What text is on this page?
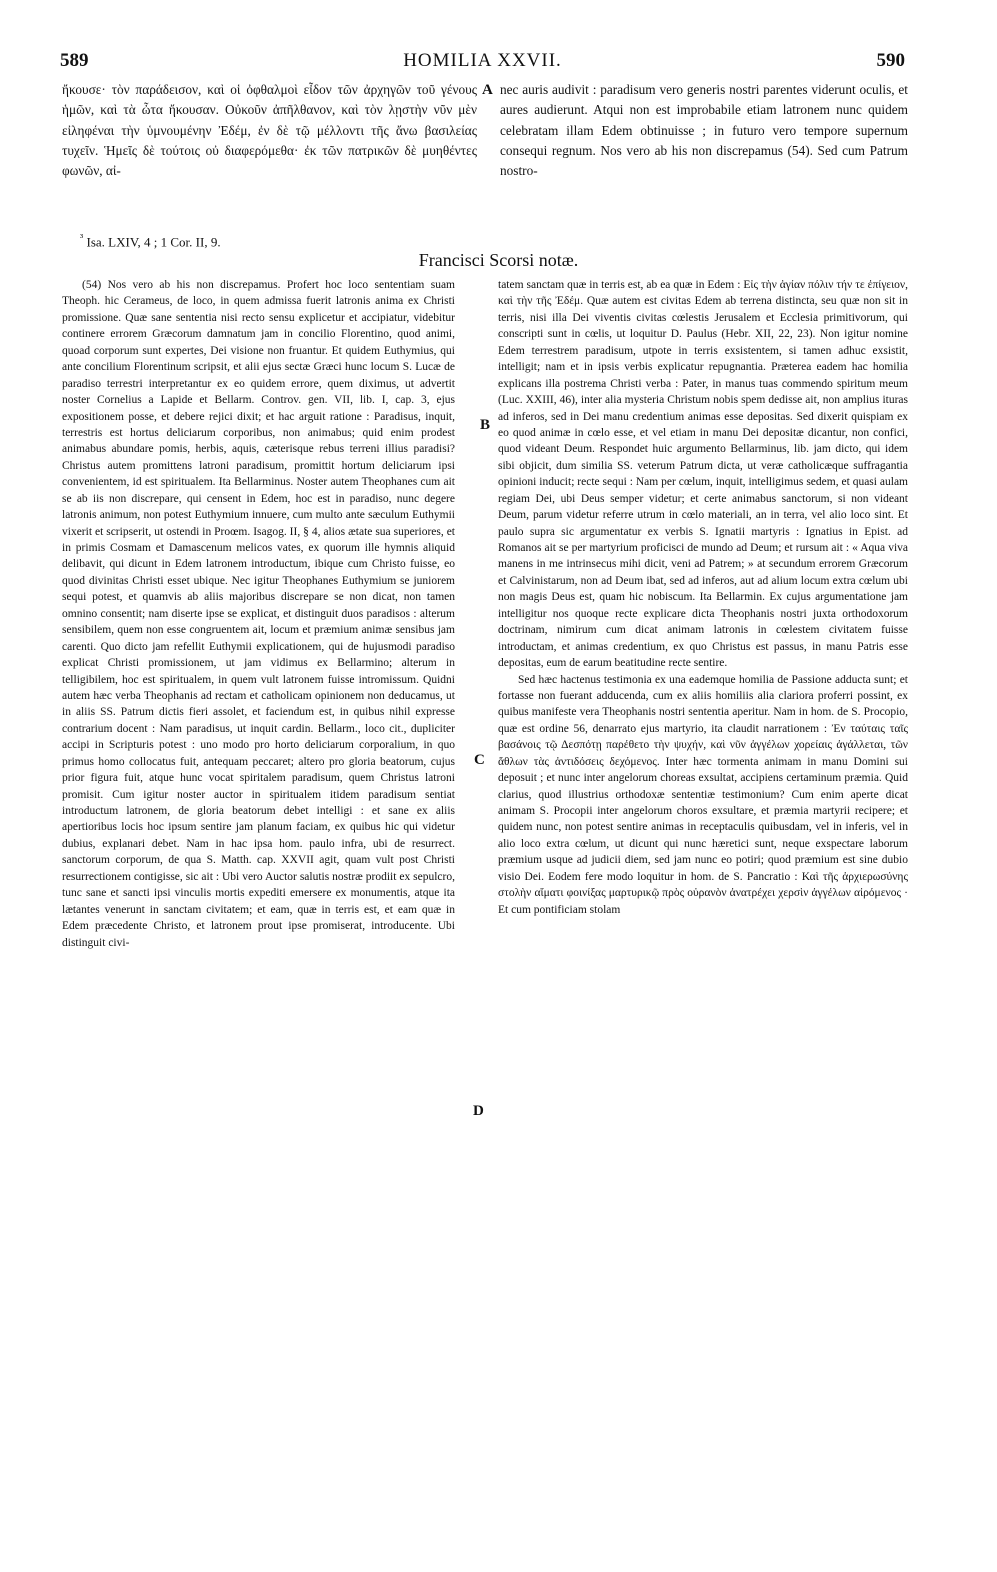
589	HOMILIA XXVII.	590
ἤκουσε· τὸν παράδεισον, καὶ οἱ ὀφθαλμοὶ εἶδον τῶν ἀρχηγῶν τοῦ γένους ἡμῶν, καὶ τὰ ὦτα ἤκουσαν. Οὐκοῦν ἀπῆλθανον, καὶ τὸν λῃστὴν νῦν μὲν εἰληφέναι τὴν ὑμνουμένην Ἐδέμ, ἐν δὲ τῷ μέλλοντι τῆς ἄνω βασιλείας τυχεῖν. Ἡμεῖς δὲ τούτοις οὐ διαφερόμεθα· ἐκ τῶν πατρικῶν δὲ μυηθέντες φωνῶν, αἰ-
A nec auris audivit : paradisum vero generis nostri parentes viderunt oculis, et aures audierunt. Atqui non est improbabile etiam latronem nunc quidem celebratam illam Edem obtinuisse ; in futuro vero tempore supernum consequi regnum. Nos vero ab his non discrepamus (54). Sed cum Patrum nostro-
$^{^3}$ Isa. LXIV, 4 ; 1 Cor. II, 9.
Francisci Scorsi notæ.

(54) Nos vero ab his non discrepamus. Profert hoc loco sententiam suam Theoph. hic Cerameus, de loco, in quem admissa fuerit latronis anima ex Christi promissione. Quæ sane sententia nisi recto sensu explicetur et accipiatur, videbitur continere errorem Græcorum damnatum jam in concilio Florentino, quod animi, quoad corporum sunt expertes, Dei visione non fruantur. Et quidem Euthymius, qui ante concilium Florentinum scripsit, et alii ejus sectæ Græci hunc locum S. Lucæ de paradiso terrestri interpretantur ex eo quidem errore, quem diximus, ut advertit noster Cornelius a Lapide et Bellarm. Controv. gen. VII, lib. I, cap. 3, ejus expositionem posse, et debere rejici dixit; et hac arguit ratione : Paradisus, inquit, terrestris est hortus deliciarum corporibus, non animabus; quid enim prodest animabus abundare pomis, herbis, aquis, cæterisque rebus terreni illius paradisi? Christus autem promittens latroni paradisum, promittit hortum deliciarum ipsi convenientem, id est spiritualem. Ita Bellarminus. Noster autem Theophanes cum ait se ab iis non discrepare, qui censent in Edem, hoc est in paradiso, nunc degere latronis animum, non potest Euthymium innuere, cum multo ante sæculum Euthymii vixerit et scripserit, ut ostendi in Proœm. Isagog. II, § 4, alios ætate sua superiores, et in primis Cosmam et Damascenum melicos vates, ex quorum ille hymnis aliquid delibavit, qui dicunt in Edem latronem introductum, ibique cum Christo fuisse, eo quod divinitas Christi esset ubique. Nec igitur Theophanes Euthymium se juniorem sequi potest, et quamvis ab aliis majoribus discrepare se non dicat, non tamen omnino consentit; nam diserte ipse se explicat, et distinguit duos paradisos : alterum sensibilem, quem non esse congruentem ait, locum et præmium animæ sensibus jam carenti. Quo dicto jam refellit Euthymii explicationem, qui de hujusmodi paradiso explicat Christi promissionem, ut jam vidimus ex Bellarmino; alterum in telligibilem, hoc est spiritualem, in quem vult latronem fuisse intromissum. Quidni autem hæc verba Theophanis ad rectam et catholicam opinionem non deducamus, ut in aliis SS. Patrum dictis fieri assolet, et faciendum est, in quibus nihil expresse contrarium docent : Nam paradisus, ut inquit cardin. Bellarm., loco cit., dupliciter accipi in Scripturis potest : uno modo pro horto deliciarum corporalium, in quo primus homo collocatus fuit, antequam peccaret; altero pro gloria beatorum, cujus prior figura fuit, atque hunc vocat spiritalem paradisum, quem Christus latroni promisit. Cum igitur noster auctor in spiritualem itidem paradisum sentiat introductum latronem, de gloria beatorum debet intelligi : et sane ex aliis apertioribus locis hoc ipsum sentire jam planum faciam, ex quibus hic qui videtur dubius, explanari debet. Nam in hac ipsa hom. paulo infra, ubi de resurrect. sanctorum corporum, de qua S. Matth. cap. XXVII agit, quam vult post Christi resurrectionem contigisse, sic ait : Ubi vero Auctor salutis nostræ prodiit ex sepulcro, tunc sane et sancti ipsi vinculis mortis expediti emersere ex monumentis, atque ita lætantes venerunt in sanctam civitatem; et eam, quæ in terris est, et eam quæ in Edem præcedente Christo, et latronem prout ipse promiserat, introducente. Ubi distinguit civi-

B
C
D

tatem sanctam quæ in terris est, ab ea quæ in Edem : Εἰς τὴν ἁγίαν πόλιν τήν τε ἐπίγειον, καὶ τὴν τῆς Ἐδέμ. Quæ autem est civitas Edem ab terrena distincta, seu quæ non sit in terris, nisi illa Dei viventis civitas cœlestis Jerusalem et Ecclesia primitivorum, qui conscripti sunt in cœlis, ut loquitur D. Paulus (Hebr. XII, 22, 23). Non igitur nomine Edem terrestrem paradisum, utpote in terris exsistentem, si tamen adhuc exsistit, intelligit; nam et in ipsis verbis explicatur repugnantia. Præterea eadem hac homilia explicans illa postrema Christi verba : Pater, in manus tuas commendo spiritum meum (Luc. XXIII, 46), inter alia mysteria Christum nobis spem dedisse ait, non amplius ituras ad inferos, sed in Dei manu credentium animas esse depositas. Sed dixerit quispiam ex eo quod animæ in cœlo esse, et vel etiam in manu Dei depositæ dicantur, non confici, quod videant Deum. Respondet huic argumento Bellarminus, lib. jam dicto, qui idem sibi objicit, dum similia SS. veterum Patrum dicta, ut veræ catholicæque suffragantia opinioni inducit; recte sequi : Nam per cœlum, inquit, intelligimus sedem, et quasi aulam regiam Dei, ubi Deus semper videtur; et certe animabus sanctorum, si non videant Deum, parum videtur referre utrum in cœlo materiali, an in terra, vel alio loco sint. Et paulo supra sic argumentatur ex verbis S. Ignatii martyris : Ignatius in Epist. ad Romanos ait se per martyrium proficisci de mundo ad Deum; et rursum ait : « Aqua viva manens in me intrinsecus mihi dicit, veni ad Patrem; » at secundum errorem Græcorum et Calvinistarum, non ad Deum ibat, sed ad inferos, aut ad alium locum extra cœlum ubi non magis Deus est, quam hic nobiscum. Ita Bellarmin. Ex cujus argumentatione jam intelligitur nos quoque recte explicare dicta Theophanis nostri juxta orthodoxorum doctrinam, nimirum cum dicat animam latronis in cœlestem civitatem fuisse introductam, et animas credentium, ex quo Christus est passus, in manu Patris esse depositas, eum de earum beatitudine recte sentire.

Sed hæc hactenus testimonia ex una eademque homilia de Passione adducta sunt; et fortasse non fuerant adducenda, cum ex aliis homiliis alia clariora proferri possint, ex quibus manifeste vera Theophanis nostri sententia aperitur. Nam in hom. de S. Procopio, quæ est ordine 56, denarrato ejus martyrio, ita claudit narrationem : Ἐν ταύταις ταῖς βασάνοις τῷ Δεσπότῃ παρέθετο τὴν ψυχήν, καὶ νῦν ἀγγέλων χορείαις ἀγάλλεται, τῶν ἄθλων τὰς ἀντιδόσεις δεχόμενος. Inter hæc tormenta animam in manu Domini sui deposuit ; et nunc inter angelorum choreas exsultat, accipiens certaminum præmia. Quid clarius, quod illustrius orthodoxæ sententiæ testimonium? Cum enim aperte dicat animam S. Procopii inter angelorum choros exsultare, et præmia martyrii recipere; et quidem nunc, non potest sentire animas in receptaculis quibusdam, vel in inferis, vel in alio loco extra cœlum, ut dicunt qui nunc hæretici sunt, neque exspectare laborum præmium usque ad judicii diem, sed jam nunc eo potiri; quod præmium est sine dubio visio Dei. Eodem fere modo loquitur in hom. de S. Pancratio : Καὶ τῆς ἀρχιερωσύνης στολὴν αἵματι φοινίξας μαρτυρικῷ πρὸς οὐρανὸν ἀνατρέχει χερσὶν ἀγγέλων αἰρόμενος · Et cum pontificiam stolam
